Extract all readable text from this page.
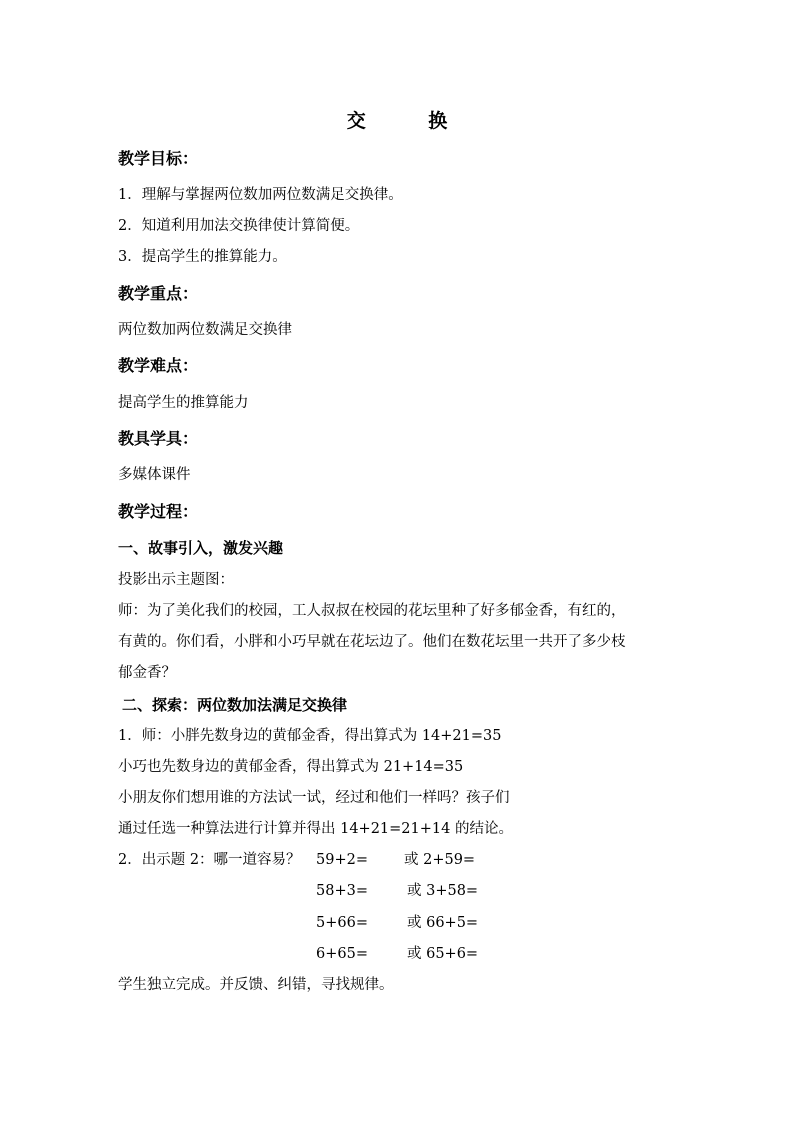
交 换
教学目标：
1．理解与掌握两位数加两位数满足交换律。
2．知道利用加法交换律使计算简便。
3．提高学生的推算能力。
教学重点：
两位数加两位数满足交换律
教学难点：
提高学生的推算能力
教具学具：
多媒体课件
教学过程：
一、故事引入，激发兴趣
投影出示主题图：
师：为了美化我们的校园，工人叔叔在校园的花坛里种了好多郁金香，有红的，
有黄的。你们看，小胖和小巧早就在花坛边了。他们在数花坛里一共开了多少枝
郁金香？
二、探索：两位数加法满足交换律
1．师：小胖先数身边的黄郁金香，得出算式为 14+21=35
小巧也先数身边的黄郁金香，得出算式为 21+14=35
小朋友你们想用谁的方法试一试，经过和他们一样吗？孩子们
通过任选一种算法进行计算并得出 14+21=21+14 的结论。
2．出示题 2：哪一道容易？ 59+2= 或 2+59=
58+3=	或 3+58=
5+66=	或 66+5=
6+65=	或 65+6=
学生独立完成。并反馈、纠错，寻找规律。
